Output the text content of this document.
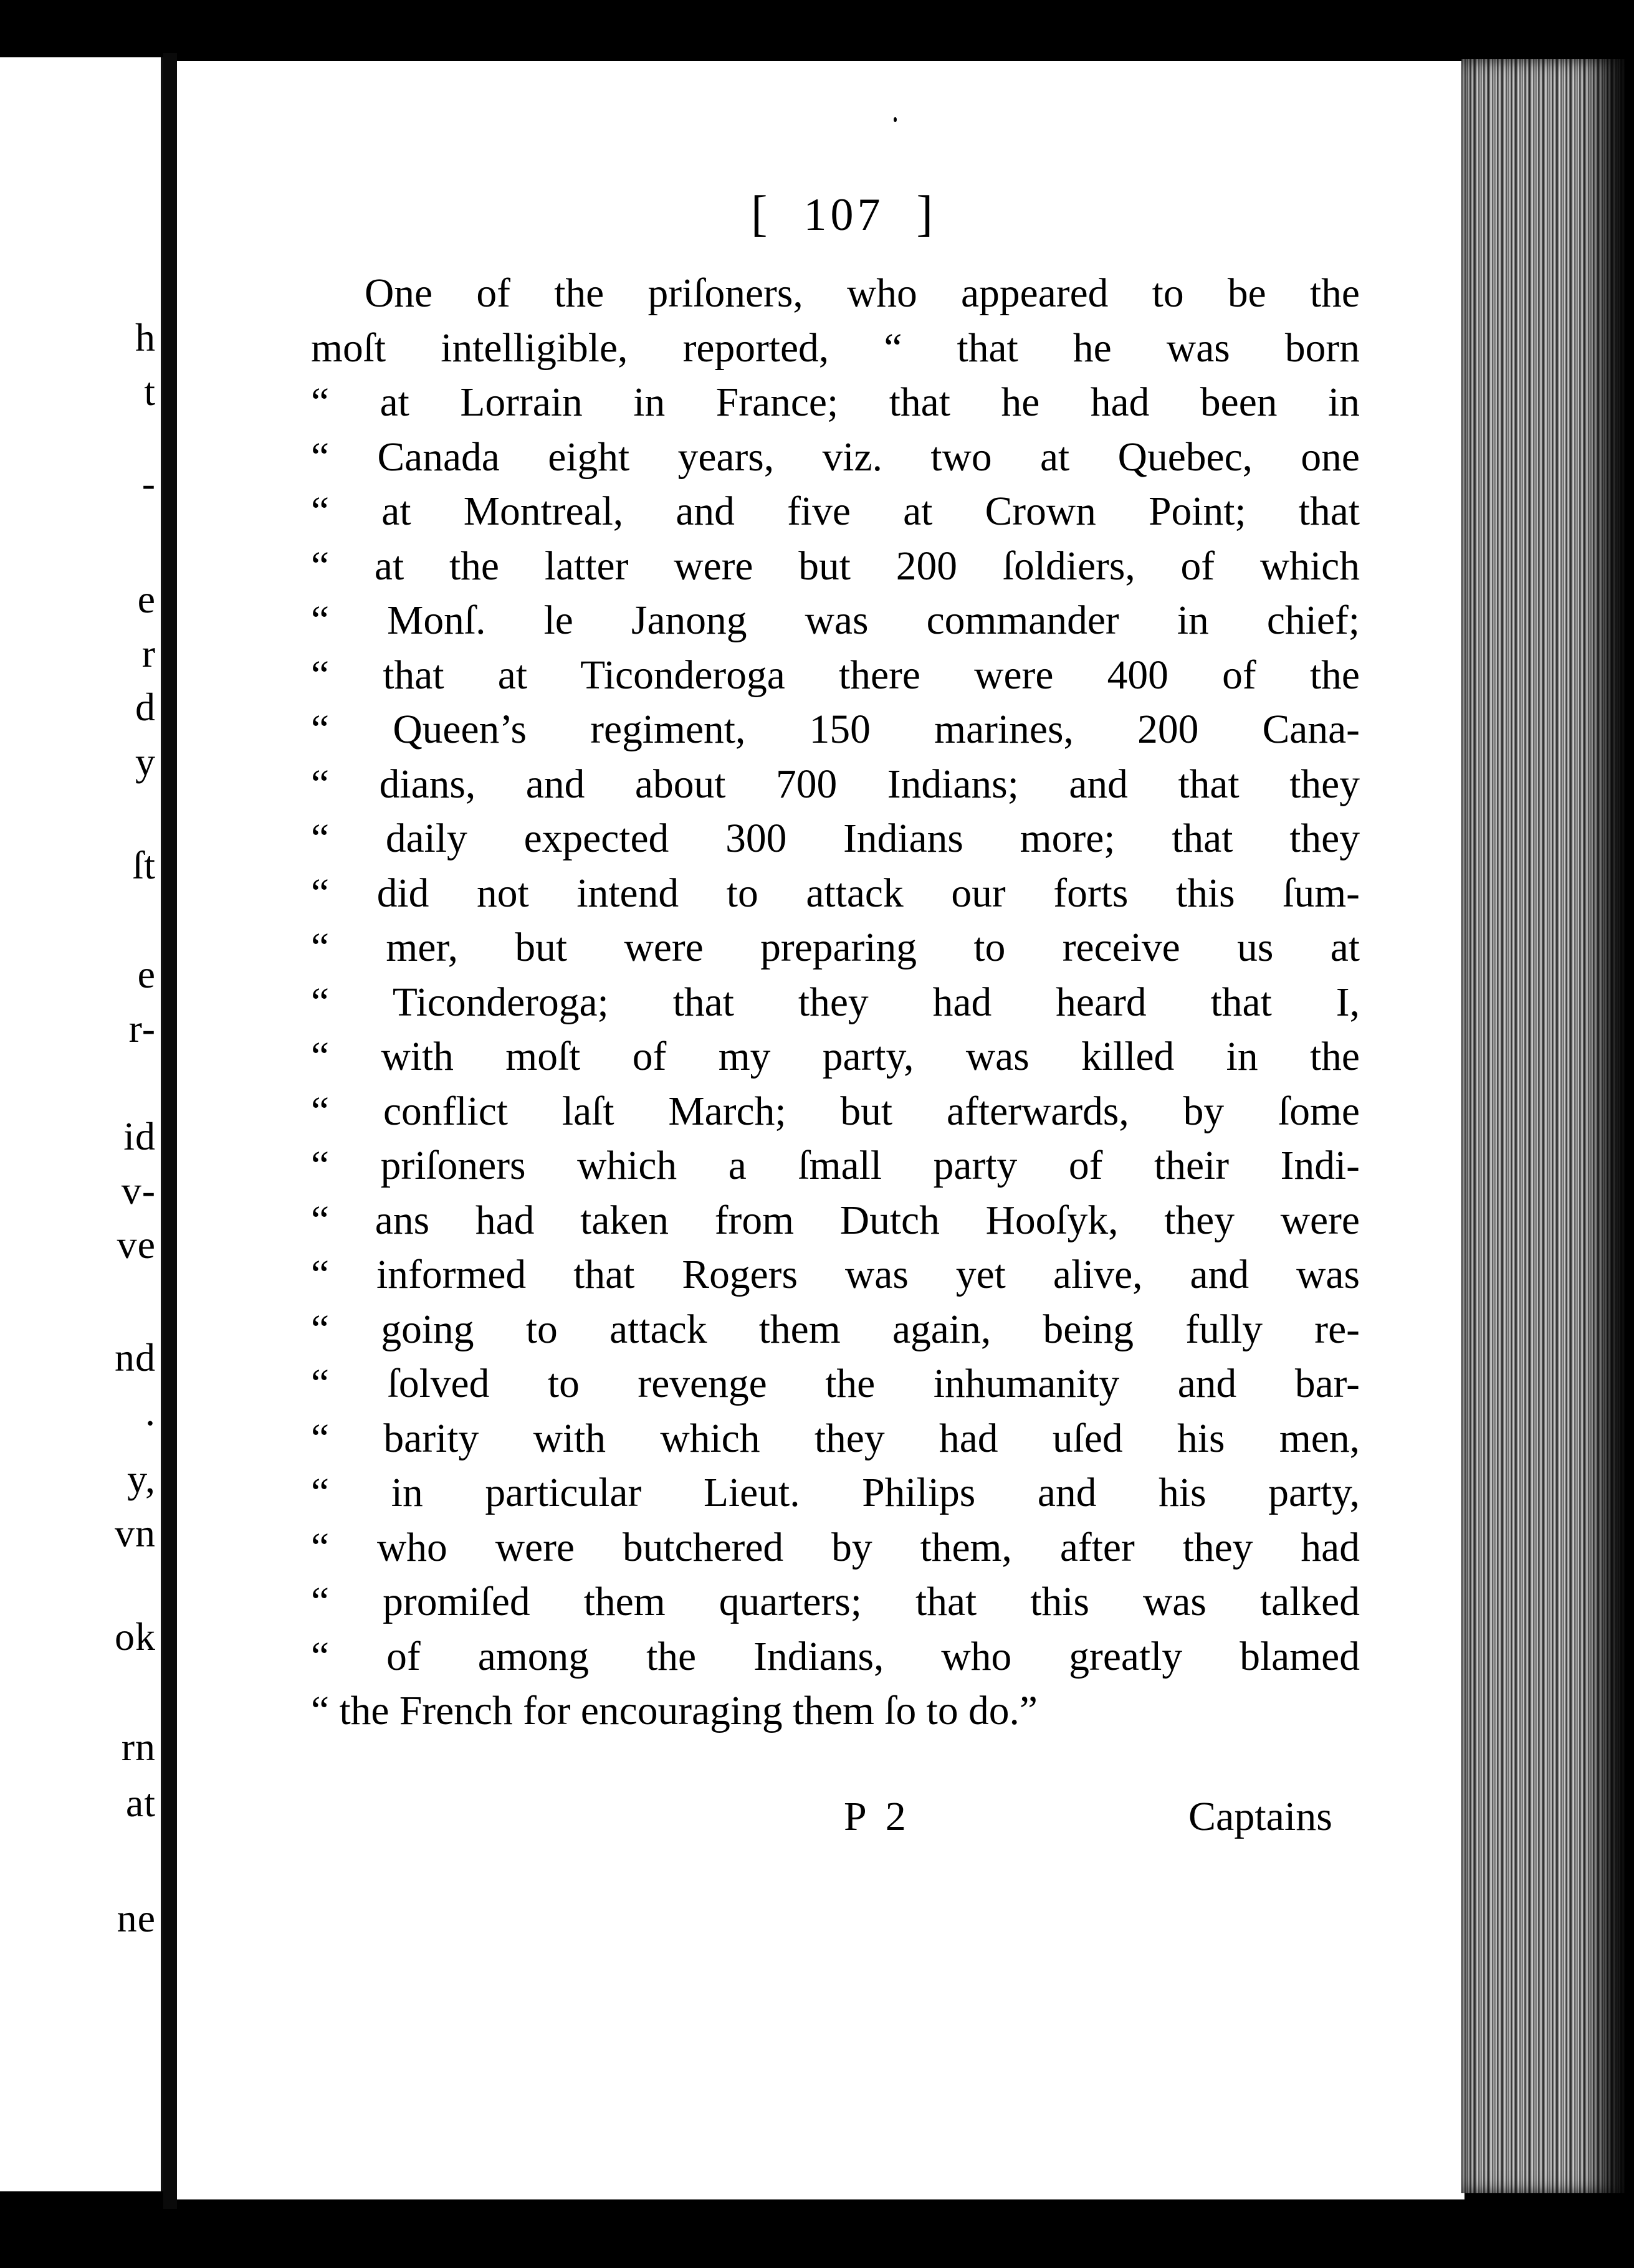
h
t
-
e
r
d
y
ſt
e
r-
id
v-
ve
nd
.
y,
vn
ok
rn
at
ne
[ 107 ]
One of the priſoners, who appeared to be the
moſt intelligible, reported, “ that he was born
“ at Lorrain in France; that he had been in
“ Canada eight years, viz. two at Quebec, one
“ at Montreal, and five at Crown Point; that
“ at the latter were but 200 ſoldiers, of which
“ Monſ. le Janong was commander in chief;
“ that at Ticonderoga there were 400 of the
“ Queen’s regiment, 150 marines, 200 Cana-
“ dians, and about 700 Indians; and that they
“ daily expected 300 Indians more; that they
“ did not intend to attack our forts this ſum-
“ mer, but were preparing to receive us at
“ Ticonderoga; that they had heard that I,
“ with moſt of my party, was killed in the
“ conflict laſt March; but afterwards, by ſome
“ priſoners which a ſmall party of their Indi-
“ ans had taken from Dutch Hooſyk, they were
“ informed that Rogers was yet alive, and was
“ going to attack them again, being fully re-
“ ſolved to revenge the inhumanity and bar-
“ barity with which they had uſed his men,
“ in particular Lieut. Philips and his party,
“ who were butchered by them, after they had
“ promiſed them quarters; that this was talked
“ of among the Indians, who greatly blamed
“ the French for encouraging them ſo to do.”
P 2	Captains
